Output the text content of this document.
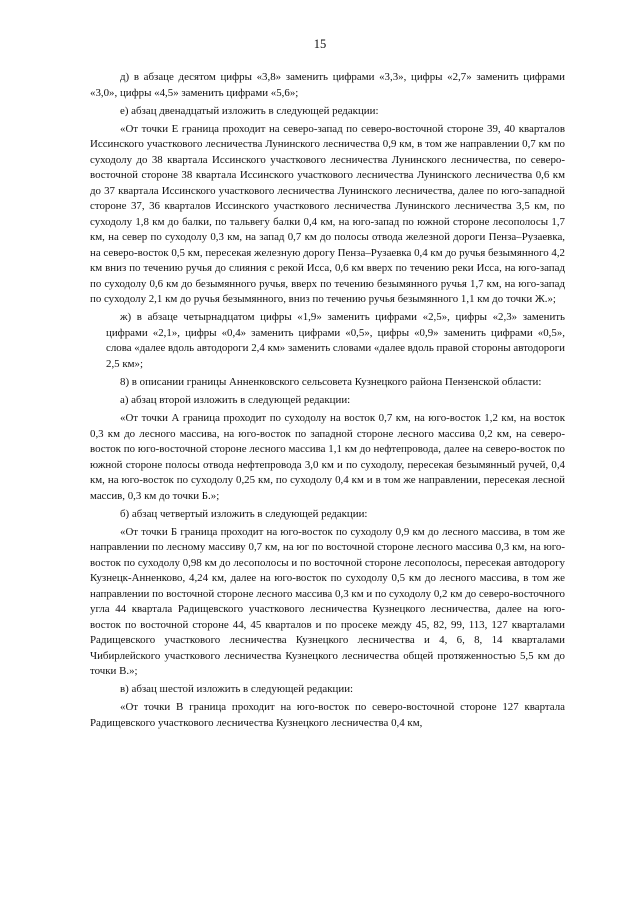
15

д) в абзаце десятом цифры «3,8» заменить цифрами «3,3», цифры «2,7» заменить цифрами «3,0», цифры «4,5» заменить цифрами «5,6»;

е) абзац двенадцатый изложить в следующей редакции:

«От точки Е граница проходит на северо-запад по северо-восточной стороне 39, 40 кварталов Иссинского участкового лесничества Лунинского лесничества 0,9 км, в том же направлении 0,7 км по суходолу до 38 квартала Иссинского участкового лесничества Лунинского лесничества, по северо-восточной стороне 38 квартала Иссинского участкового лесничества Лунинского лесничества 0,6 км до 37 квартала Иссинского участкового лесничества Лунинского лесничества, далее по юго-западной стороне 37, 36 кварталов Иссинского участкового лесничества Лунинского лесничества 3,5 км, по суходолу 1,8 км до балки, по тальвегу балки 0,4 км, на юго-запад по южной стороне лесополосы 1,7 км, на север по суходолу 0,3 км, на запад 0,7 км до полосы отвода железной дороги Пенза–Рузаевка, на северо-восток 0,5 км, пересекая железную дорогу Пенза–Рузаевка 0,4 км до ручья безымянного 4,2 км вниз по течению ручья до слияния с рекой Исса, 0,6 км вверх по течению реки Исса, на юго-запад по суходолу 0,6 км до безымянного ручья, вверх по течению безымянного ручья 1,7 км, на юго-запад по суходолу 2,1 км до ручья безымянного, вниз по течению ручья безымянного 1,1 км до точки Ж.»;

ж) в абзаце четырнадцатом цифры «1,9» заменить цифрами «2,5», цифры «2,3» заменить цифрами «2,1», цифры «0,4» заменить цифрами «0,5», цифры «0,9» заменить цифрами «0,5», слова «далее вдоль автодороги 2,4 км» заменить словами «далее вдоль правой стороны автодороги 2,5 км»;

8) в описании границы Анненковского сельсовета Кузнецкого района Пензенской области:

а) абзац второй изложить в следующей редакции:

«От точки А граница проходит по суходолу на восток 0,7 км, на юго-восток 1,2 км, на восток 0,3 км до лесного массива, на юго-восток по западной стороне лесного массива 0,2 км, на северо-восток по юго-восточной стороне лесного массива 1,1 км до нефтепровода, далее на северо-восток по южной стороне полосы отвода нефтепровода 3,0 км и по суходолу, пересекая безымянный ручей, 0,4 км, на юго-восток по суходолу 0,25 км, по суходолу 0,4 км и в том же направлении, пересекая лесной массив, 0,3 км до точки Б.»;

б) абзац четвертый изложить в следующей редакции:

«От точки Б граница проходит на юго-восток по суходолу 0,9 км до лесного массива, в том же направлении по лесному массиву 0,7 км, на юг по восточной стороне лесного массива 0,3 км, на юго-восток по суходолу 0,98 км до лесополосы и по восточной стороне лесополосы, пересекая автодорогу Кузнецк-Анненково, 4,24 км, далее на юго-восток по суходолу 0,5 км до лесного массива, в том же направлении по восточной стороне лесного массива 0,3 км и по суходолу 0,2 км до северо-восточного угла 44 квартала Радищевского участкового лесничества Кузнецкого лесничества, далее на юго-восток по восточной стороне 44, 45 кварталов и по просеке между 45, 82, 99, 113, 127 кварталами Радищевского участкового лесничества Кузнецкого лесничества и 4, 6, 8, 14 кварталами Чибирлейского участкового лесничества Кузнецкого лесничества общей протяженностью 5,5 км до точки В.»;

в) абзац шестой изложить в следующей редакции:

«От точки В граница проходит на юго-восток по северо-восточной стороне 127 квартала Радищевского участкового лесничества Кузнецкого лесничества 0,4 км,
